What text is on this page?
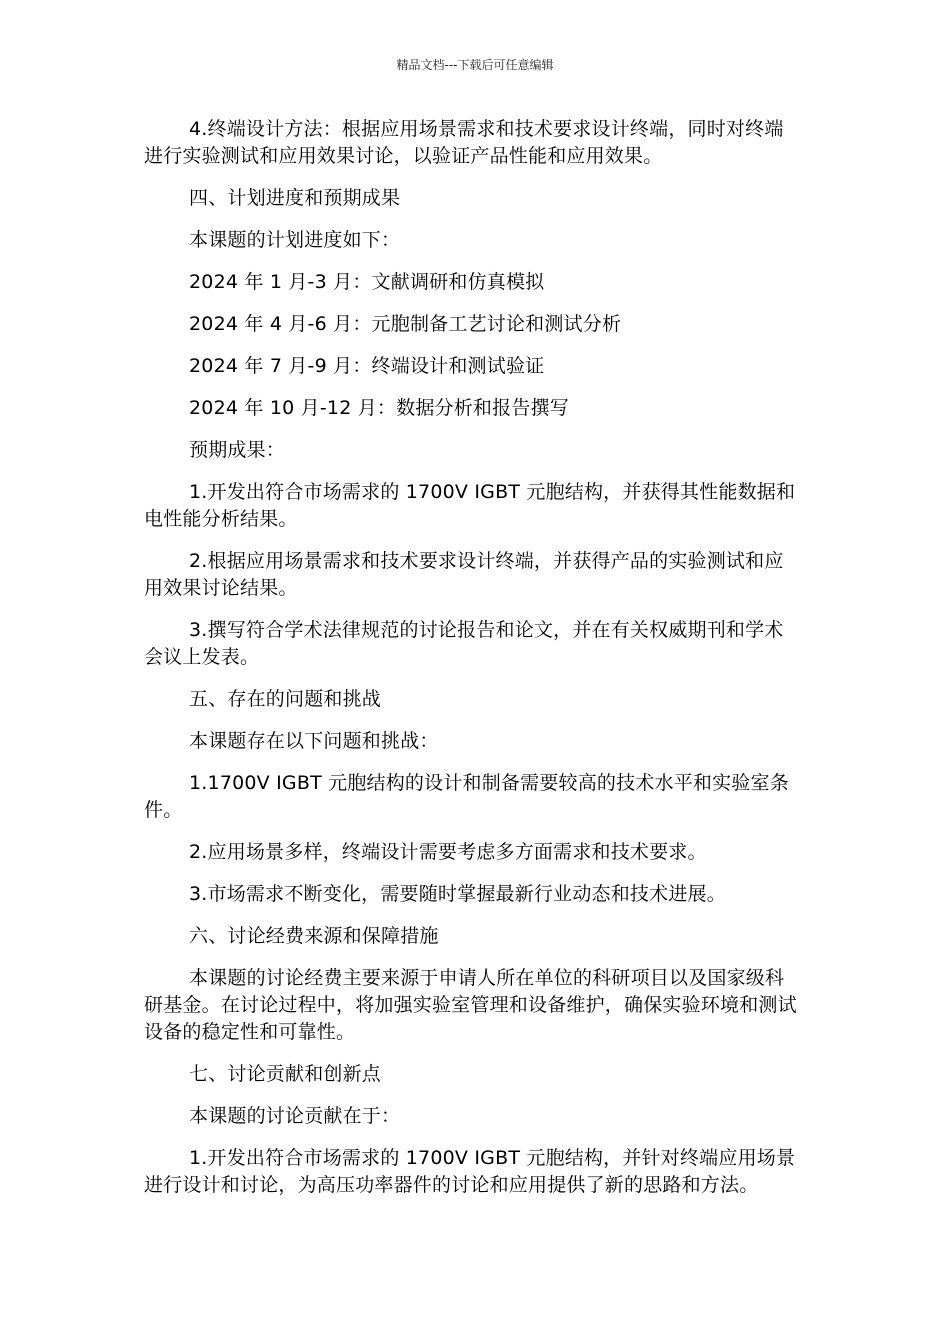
精品文档---下载后可任意编辑

4.终端设计方法：根据应用场景需求和技术要求设计终端，同时对终端进行实验测试和应用效果讨论，以验证产品性能和应用效果。

四、计划进度和预期成果

本课题的计划进度如下：

2024 年 1 月-3 月：文献调研和仿真模拟

2024 年 4 月-6 月：元胞制备工艺讨论和测试分析

2024 年 7 月-9 月：终端设计和测试验证

2024 年 10 月-12 月：数据分析和报告撰写

预期成果：

1.开发出符合市场需求的 1700V IGBT 元胞结构，并获得其性能数据和电性能分析结果。

2.根据应用场景需求和技术要求设计终端，并获得产品的实验测试和应用效果讨论结果。

3.撰写符合学术法律规范的讨论报告和论文，并在有关权威期刊和学术会议上发表。

五、存在的问题和挑战

本课题存在以下问题和挑战：

1.1700V IGBT 元胞结构的设计和制备需要较高的技术水平和实验室条件。

2.应用场景多样，终端设计需要考虑多方面需求和技术要求。

3.市场需求不断变化，需要随时掌握最新行业动态和技术进展。

六、讨论经费来源和保障措施

本课题的讨论经费主要来源于申请人所在单位的科研项目以及国家级科研基金。在讨论过程中，将加强实验室管理和设备维护，确保实验环境和测试设备的稳定性和可靠性。

七、讨论贡献和创新点

本课题的讨论贡献在于：

1.开发出符合市场需求的 1700V IGBT 元胞结构，并针对终端应用场景进行设计和讨论，为高压功率器件的讨论和应用提供了新的思路和方法。
